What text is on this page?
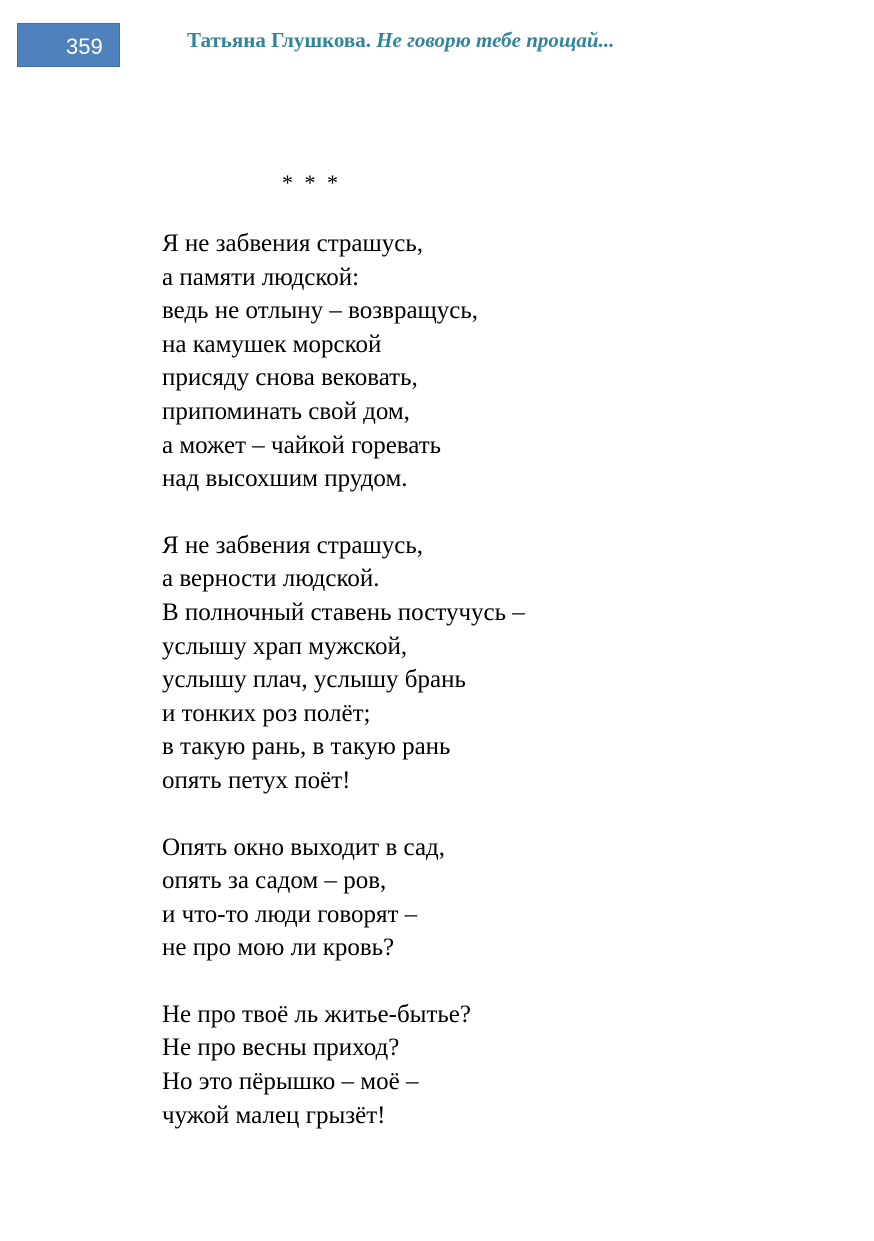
359	Татьяна Глушкова. Не говорю тебе прощай...
* * *
Я не забвения страшусь,
а памяти людской:
ведь не отлыну – возвращусь,
на камушек морской
присяду снова вековать,
припоминать свой дом,
а может – чайкой горевать
над высохшим прудом.
Я не забвения страшусь,
а верности людской.
В полночный ставень постучусь –
услышу храп мужской,
услышу плач, услышу брань
и тонких роз полёт;
в такую рань, в такую рань
опять петух поёт!
Опять окно выходит в сад,
опять за садом – ров,
и что-то люди говорят –
не про мою ли кровь?
Не про твоё ль житье-бытье?
Не про весны приход?
Но это пёрышко – моё –
чужой малец грызёт!
